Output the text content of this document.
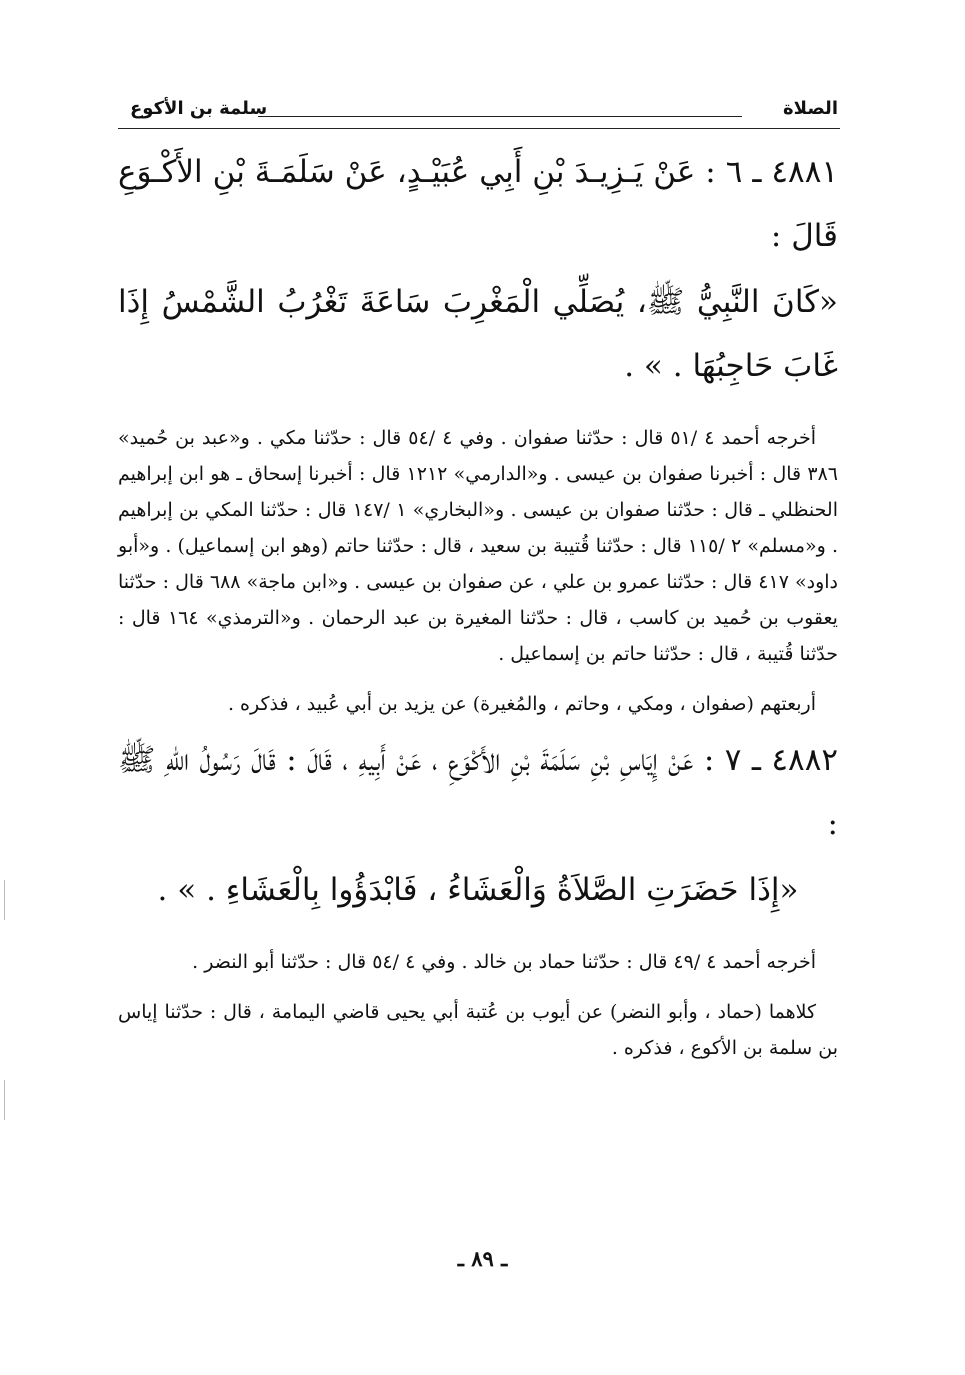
الصلاة
سلمة بن الأكوع

٤٨٨١ ـ ٦ : عَنْ يَـزِيـدَ بْنِ أَبِي عُبَيْـدٍ، عَنْ سَلَمَـةَ بْنِ الأَكْـوَعِ قَالَ :

«كَانَ النَّبِيُّ ﷺ، يُصَلِّي الْمَغْرِبَ سَاعَةَ تَغْرُبُ الشَّمْسُ إِذَا غَابَ حَاجِبُهَا . » .

أخرجه أحمد ٤ /٥١ قال : حدّثنا صفوان . وفي ٤ /٥٤ قال : حدّثنا مكي . و«عبد بن حُميد» ٣٨٦ قال : أخبرنا صفوان بن عيسى . و«الدارمي» ١٢١٢ قال : أخبرنا إسحاق ـ هو ابن إبراهيم الحنظلي ـ قال : حدّثنا صفوان بن عيسى . و«البخاري» ١ /١٤٧ قال : حدّثنا المكي بن إبراهيم . و«مسلم» ٢ /١١٥ قال : حدّثنا قُتيبة بن سعيد ، قال : حدّثنا حاتم (وهو ابن إسماعيل) . و«أبو داود» ٤١٧ قال : حدّثنا عمرو بن علي ، عن صفوان بن عيسى . و«ابن ماجة» ٦٨٨ قال : حدّثنا يعقوب بن حُميد بن كاسب ، قال : حدّثنا المغيرة بن عبد الرحمان . و«الترمذي» ١٦٤ قال : حدّثنا قُتيبة ، قال : حدّثنا حاتم بن إسماعيل .

أربعتهم (صفوان ، ومكي ، وحاتم ، والمُغيرة) عن يزيد بن أبي عُبيد ، فذكره .

٤٨٨٢ ـ ٧ : عَنْ إِيَاسِ بْنِ سَلَمَةَ بْنِ الأَكْوَعِ ، عَنْ أَبِيهِ ، قَالَ : قَالَ رَسُولُ اللهِ ﷺ :

«إِذَا حَضَرَتِ الصَّلاَةُ وَالْعَشَاءُ ، فَابْدَؤُوا بِالْعَشَاءِ . » .

أخرجه أحمد ٤ /٤٩ قال : حدّثنا حماد بن خالد . وفي ٤ /٥٤ قال : حدّثنا أبو النضر .

كلاهما (حماد ، وأبو النضر) عن أيوب بن عُتبة أبي يحيى قاضي اليمامة ، قال : حدّثنا إياس بن سلمة بن الأكوع ، فذكره .

ـ ٨٩ ـ
